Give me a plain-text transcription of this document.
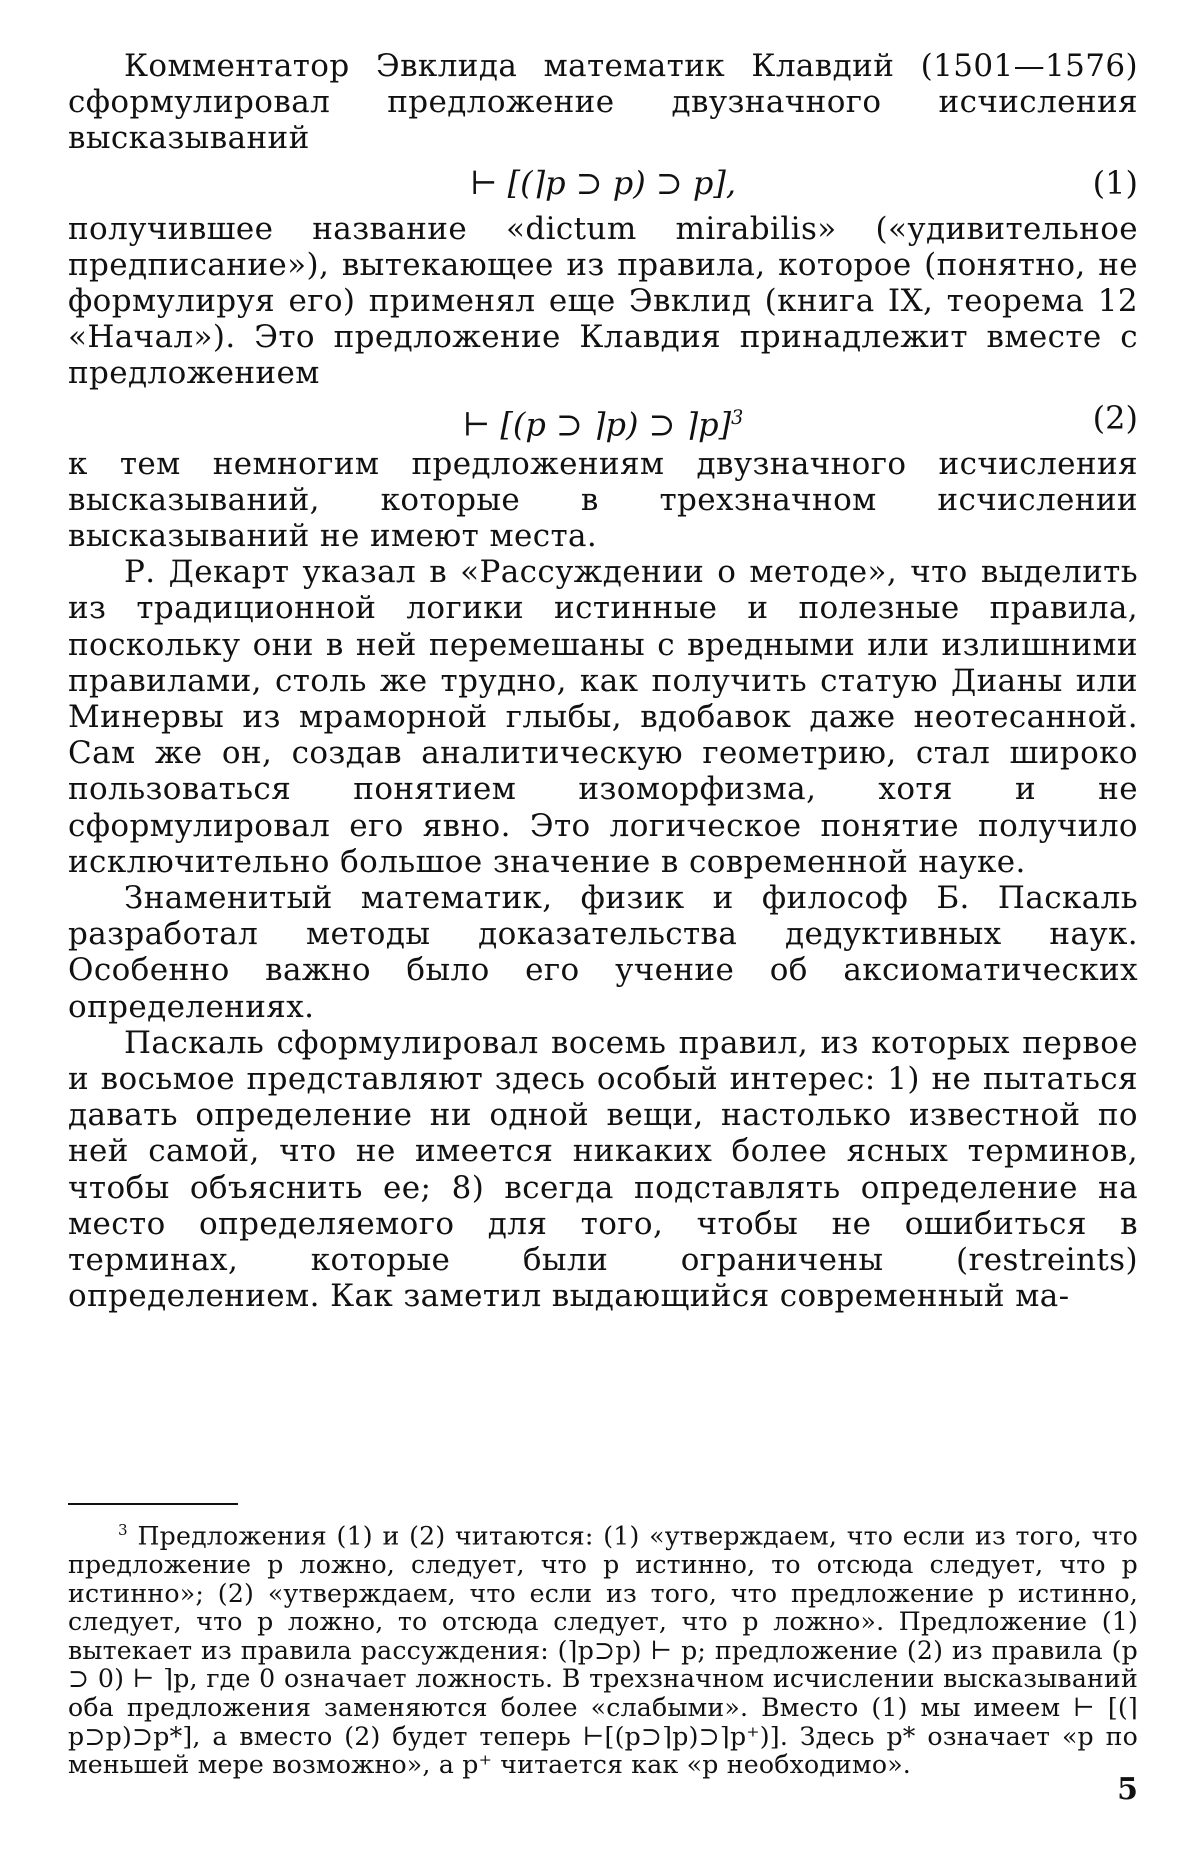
Комментатор Эвклида математик Клавдий (1501—1576) сформулировал предложение двузначного исчисления высказываний

⊢ [(⌉p ⊃ p) ⊃ p],	(1)

получившее название «dictum mirabilis» («удивительное предписание»), вытекающее из правила, которое (понятно, не формулируя его) применял еще Эвклид (книга IX, теорема 12 «Начал»). Это предложение Клавдия принадлежит вместе с предложением

⊢ [(p ⊃ ⌉p) ⊃ ⌉p]$^3$	(2)

к тем немногим предложениям двузначного исчисления высказываний, которые в трехзначном исчислении высказываний не имеют места.

Р. Декарт указал в «Рассуждении о методе», что выделить из традиционной логики истинные и полезные правила, поскольку они в ней перемешаны с вредными или излишними правилами, столь же трудно, как получить статую Дианы или Минервы из мраморной глыбы, вдобавок даже неотесанной. Сам же он, создав аналитическую геометрию, стал широко пользоваться понятием изоморфизма, хотя и не сформулировал его явно. Это логическое понятие получило исключительно большое значение в современной науке.

Знаменитый математик, физик и философ Б. Паскаль разработал методы доказательства дедуктивных наук. Особенно важно было его учение об аксиоматических определениях.

Паскаль сформулировал восемь правил, из которых первое и восьмое представляют здесь особый интерес: 1) не пытаться давать определение ни одной вещи, настолько известной по ней самой, что не имеется никаких более ясных терминов, чтобы объяснить ее; 8) всегда подставлять определение на место определяемого для того, чтобы не ошибиться в терминах, которые были ограничены (restreints) определением. Как заметил выдающийся современный ма-

$^3$ Предложения (1) и (2) читаются: (1) «утверждаем, что если из того, что предложение p ложно, следует, что p истинно, то отсюда следует, что p истинно»; (2) «утверждаем, что если из того, что предложение p истинно, следует, что p ложно, то отсюда следует, что p ложно». Предложение (1) вытекает из правила рассуждения: (⌉p⊃p) ⊢ p; предложение (2) из правила (p ⊃ 0) ⊢ ⌉p, где 0 означает ложность. В трехзначном исчислении высказываний оба предложения заменяются более «слабыми». Вместо (1) мы имеем ⊢ [(⌉p⊃p)⊃p*], а вместо (2) будет теперь ⊢[(p⊃⌉p)⊃⌉p⁺)]. Здесь p* означает «p по меньшей мере возможно», а p⁺ читается как «p необходимо».

5
